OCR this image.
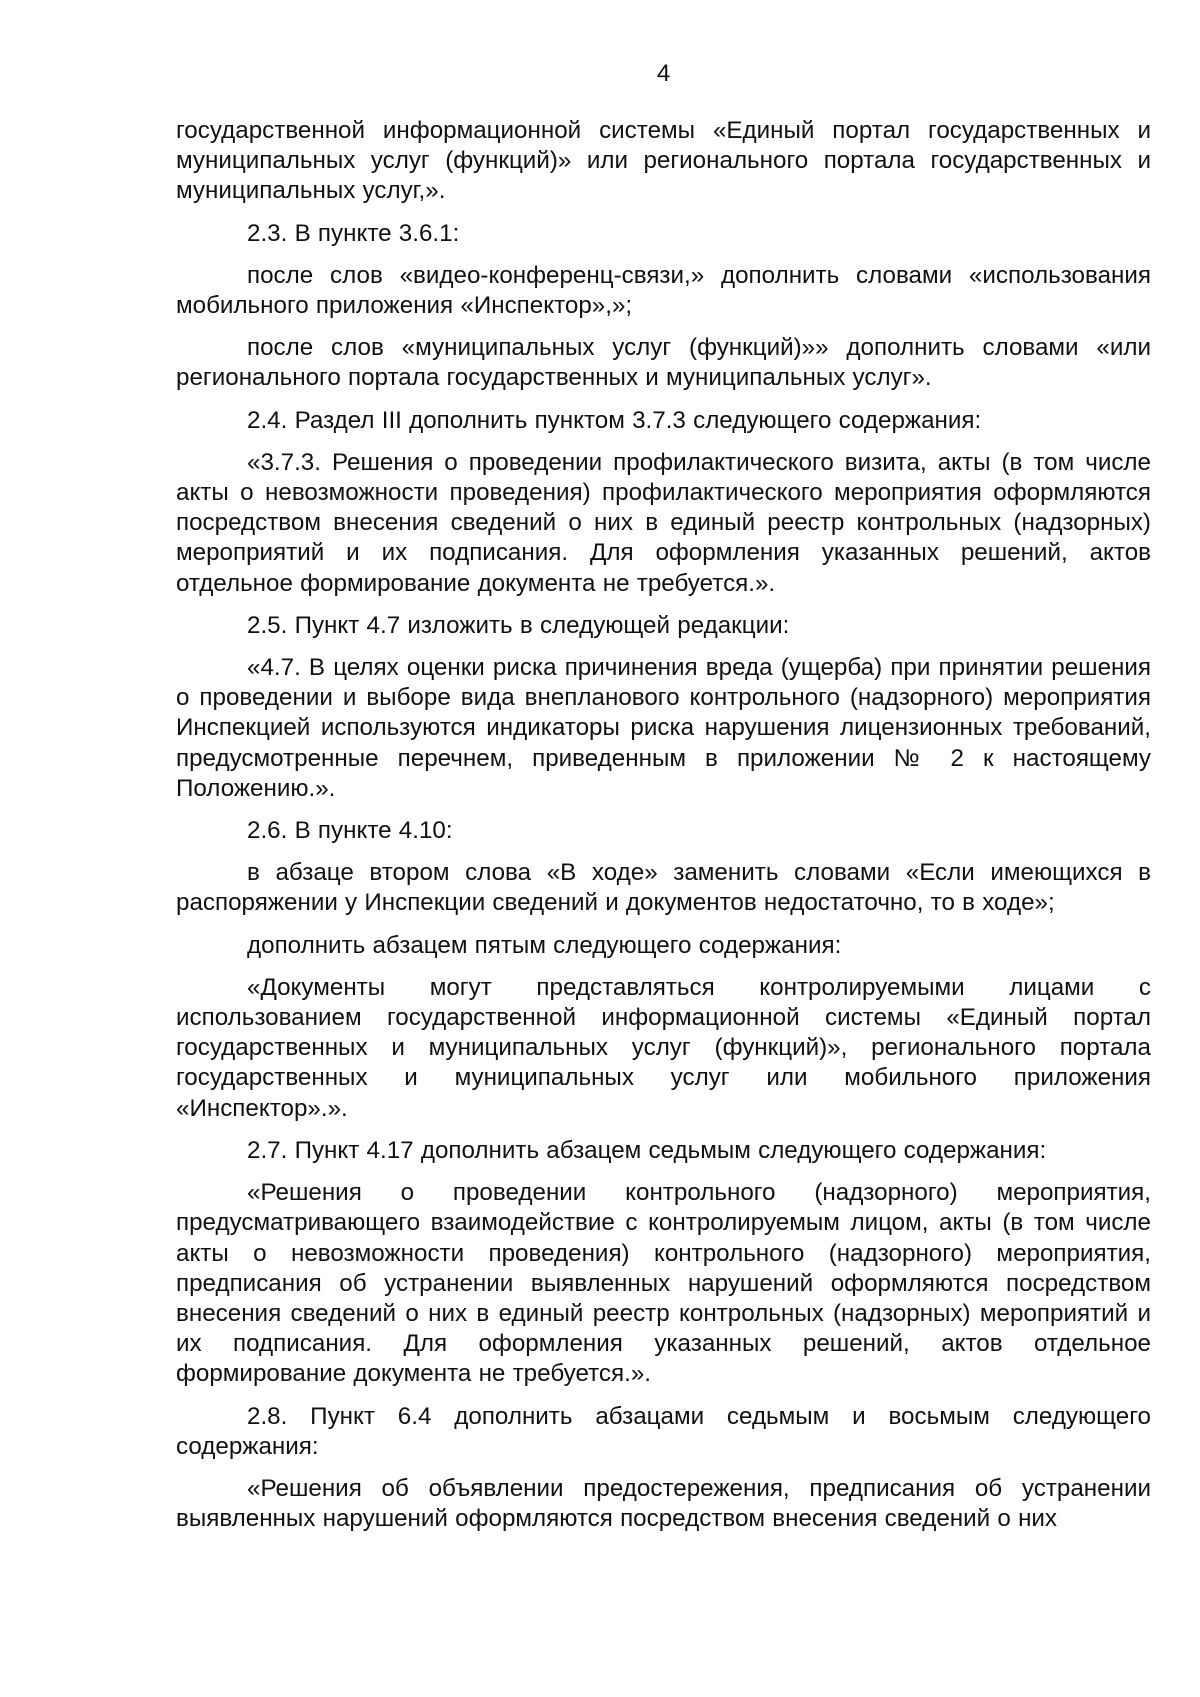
4

государственной информационной системы «Единый портал государственных и муниципальных услуг (функций)» или регионального портала государственных и муниципальных услуг,».

2.3. В пункте 3.6.1:

после слов «видео-конференц-связи,» дополнить словами «использования мобильного приложения «Инспектор»,»;

после слов «муниципальных услуг (функций)»» дополнить словами «или регионального портала государственных и муниципальных услуг».

2.4. Раздел III дополнить пунктом 3.7.3 следующего содержания:

«3.7.3. Решения о проведении профилактического визита, акты (в том числе акты о невозможности проведения) профилактического мероприятия оформляются посредством внесения сведений о них в единый реестр контрольных (надзорных) мероприятий и их подписания. Для оформления указанных решений, актов отдельное формирование документа не требуется.».

2.5. Пункт 4.7 изложить в следующей редакции:

«4.7. В целях оценки риска причинения вреда (ущерба) при принятии решения о проведении и выборе вида внепланового контрольного (надзорного) мероприятия Инспекцией используются индикаторы риска нарушения лицензионных требований, предусмотренные перечнем, приведенным в приложении № 2 к настоящему Положению.».

2.6. В пункте 4.10:

в абзаце втором слова «В ходе» заменить словами «Если имеющихся в распоряжении у Инспекции сведений и документов недостаточно, то в ходе»;

дополнить абзацем пятым следующего содержания:

«Документы могут представляться контролируемыми лицами с использованием государственной информационной системы «Единый портал государственных и муниципальных услуг (функций)», регионального портала государственных и муниципальных услуг или мобильного приложения «Инспектор».».

2.7. Пункт 4.17 дополнить абзацем седьмым следующего содержания:

«Решения о проведении контрольного (надзорного) мероприятия, предусматривающего взаимодействие с контролируемым лицом, акты (в том числе акты о невозможности проведения) контрольного (надзорного) мероприятия, предписания об устранении выявленных нарушений оформляются посредством внесения сведений о них в единый реестр контрольных (надзорных) мероприятий и их подписания. Для оформления указанных решений, актов отдельное формирование документа не требуется.».

2.8. Пункт 6.4 дополнить абзацами седьмым и восьмым следующего содержания:

«Решения об объявлении предостережения, предписания об устранении выявленных нарушений оформляются посредством внесения сведений о них
